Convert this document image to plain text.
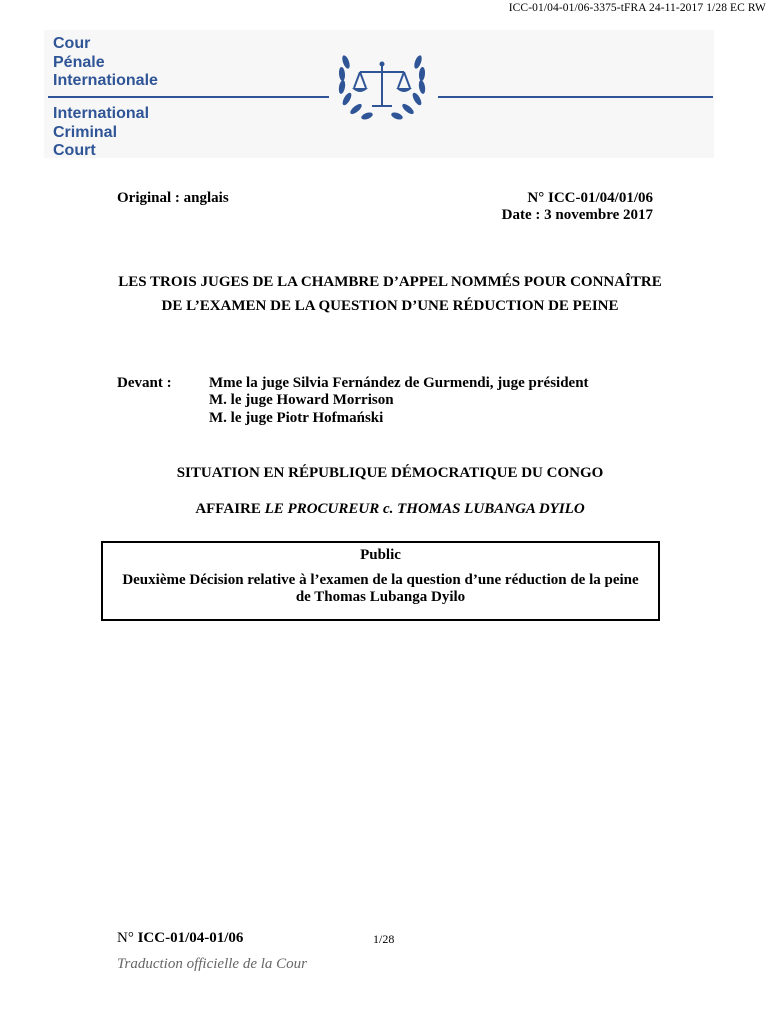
ICC-01/04-01/06-3375-tFRA 24-11-2017 1/28 EC RW
Cour
Pénale
Internationale
International
Criminal
Court
Original : anglais	N° ICC-01/04/01/06
Date : 3 novembre 2017
LES TROIS JUGES DE LA CHAMBRE D’APPEL NOMMÉS POUR CONNAÎTRE
DE L’EXAMEN DE LA QUESTION D’UNE RÉDUCTION DE PEINE
Devant : Mme la juge Silvia Fernández de Gurmendi, juge président
M. le juge Howard Morrison
M. le juge Piotr Hofmański
SITUATION EN RÉPUBLIQUE DÉMOCRATIQUE DU CONGO
AFFAIRE LE PROCUREUR c. THOMAS LUBANGA DYILO
Public
Deuxième Décision relative à l’examen de la question d’une réduction de la peine
de Thomas Lubanga Dyilo
N° ICC-01/04-01/06	1/28
Traduction officielle de la Cour
